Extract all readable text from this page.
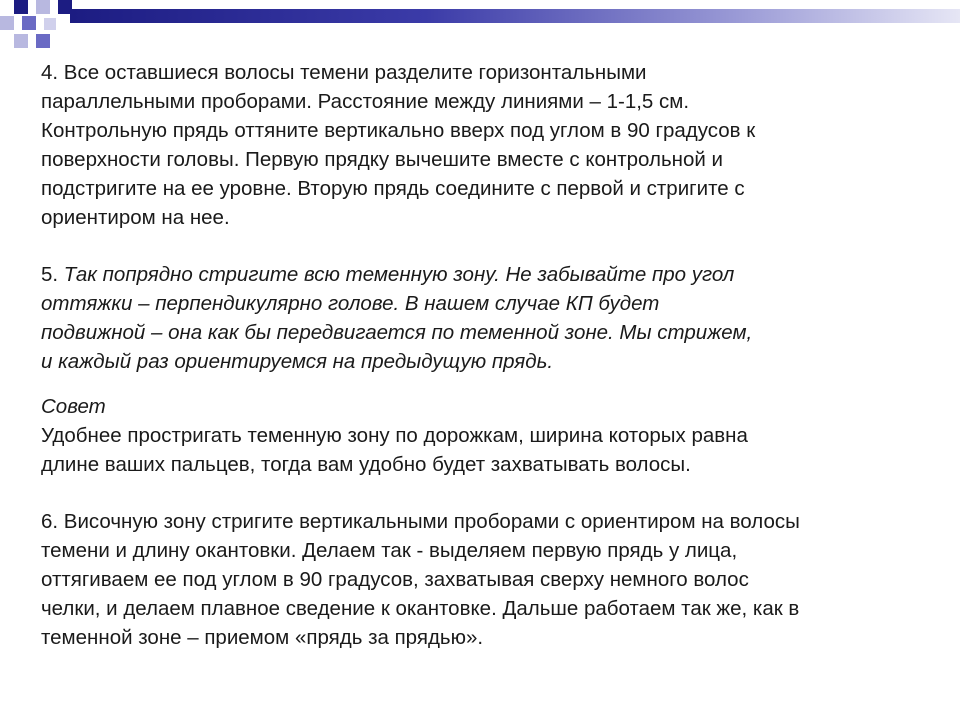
4. Все оставшиеся волосы темени разделите горизонтальными
параллельными проборами. Расстояние между линиями – 1-1,5 см.
Контрольную прядь оттяните вертикально вверх под углом в 90 градусов к
поверхности головы. Первую прядку вычешите вместе с контрольной и
подстригите на ее уровне. Вторую прядь соедините с первой и стригите с
ориентиром на нее.
5. Так попрядно стригите всю теменную зону. Не забывайте про угол
оттяжки – перпендикулярно голове. В нашем случае КП будет
подвижной – она как бы передвигается по теменной зоне. Мы стрижем,
и каждый раз ориентируемся на предыдущую прядь.
Совет
Удобнее простригать теменную зону по дорожкам, ширина которых равна
длине ваших пальцев, тогда вам удобно будет захватывать волосы.
6. Височную зону стригите вертикальными проборами с ориентиром на волосы
темени и длину окантовки. Делаем так - выделяем первую прядь у лица,
оттягиваем ее под углом в 90 градусов, захватывая сверху немного волос
челки, и делаем плавное сведение к окантовке. Дальше работаем так же, как в
теменной зоне – приемом «прядь за прядью».
